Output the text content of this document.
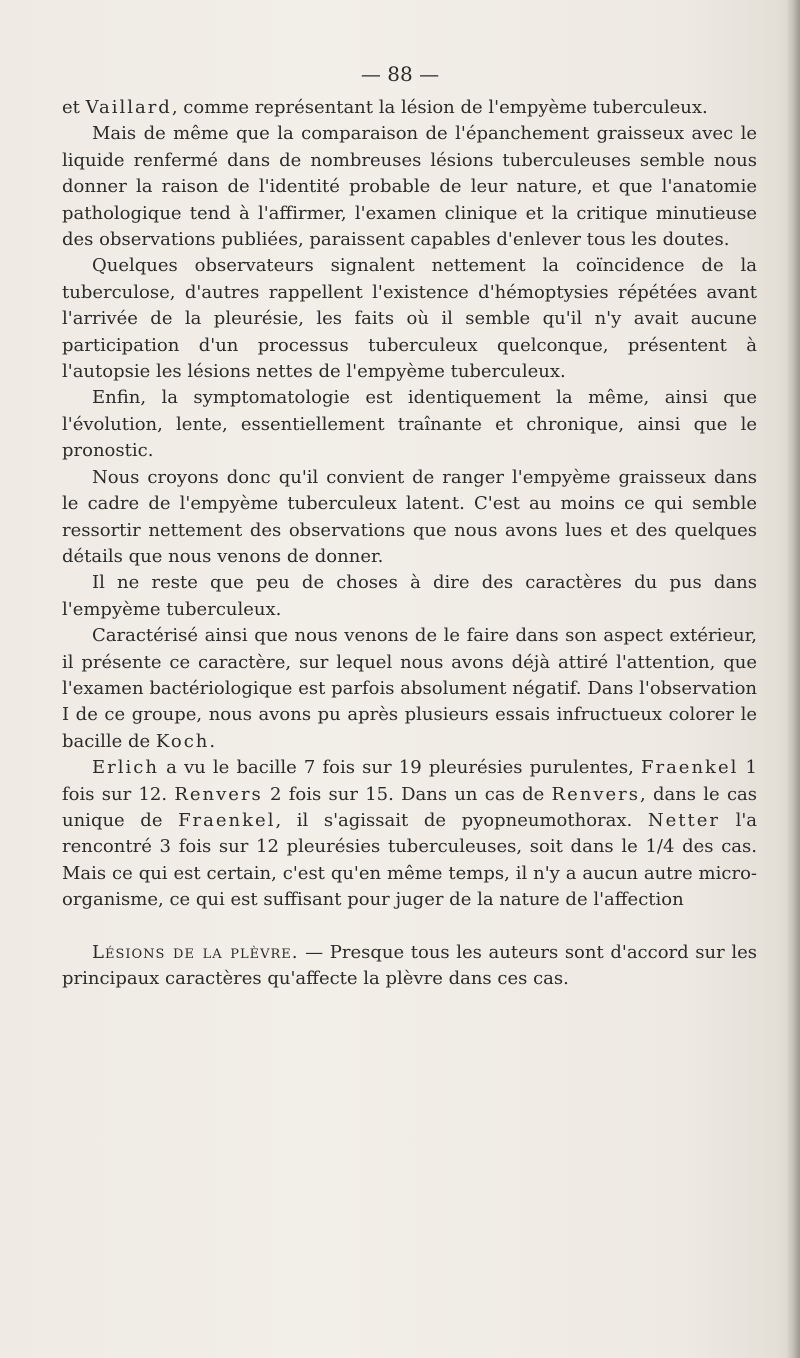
— 88 —

et Vaillard, comme représentant la lésion de l'empyème tuberculeux.

Mais de même que la comparaison de l'épanchement graisseux avec le liquide renfermé dans de nombreuses lésions tuberculeuses semble nous donner la raison de l'identité probable de leur nature, et que l'anatomie pathologique tend à l'affirmer, l'examen clinique et la critique minutieuse des observations publiées, paraissent capables d'enlever tous les doutes.

Quelques observateurs signalent nettement la coïncidence de la tuberculose, d'autres rappellent l'existence d'hémoptysies répétées avant l'arrivée de la pleurésie, les faits où il semble qu'il n'y avait aucune participation d'un processus tuberculeux quelconque, présentent à l'autopsie les lésions nettes de l'empyème tuberculeux.

Enfin, la symptomatologie est identiquement la même, ainsi que l'évolution, lente, essentiellement traînante et chronique, ainsi que le pronostic.

Nous croyons donc qu'il convient de ranger l'empyème graisseux dans le cadre de l'empyème tuberculeux latent. C'est au moins ce qui semble ressortir nettement des observations que nous avons lues et des quelques détails que nous venons de donner.

Il ne reste que peu de choses à dire des caractères du pus dans l'empyème tuberculeux.

Caractérisé ainsi que nous venons de le faire dans son aspect extérieur, il présente ce caractère, sur lequel nous avons déjà attiré l'attention, que l'examen bactériologique est parfois absolument négatif. Dans l'observation I de ce groupe, nous avons pu après plusieurs essais infructueux colorer le bacille de Koch.

Erlich a vu le bacille 7 fois sur 19 pleurésies purulentes, Fraenkel 1 fois sur 12. Renvers 2 fois sur 15. Dans un cas de Renvers, dans le cas unique de Fraenkel, il s'agissait de pyopneumothorax. Netter l'a rencontré 3 fois sur 12 pleurésies tuberculeuses, soit dans le 1/4 des cas. Mais ce qui est certain, c'est qu'en même temps, il n'y a aucun autre micro-organisme, ce qui est suffisant pour juger de la nature de l'affection

Lésions de la plèvre. — Presque tous les auteurs sont d'accord sur les principaux caractères qu'affecte la plèvre dans ces cas.
